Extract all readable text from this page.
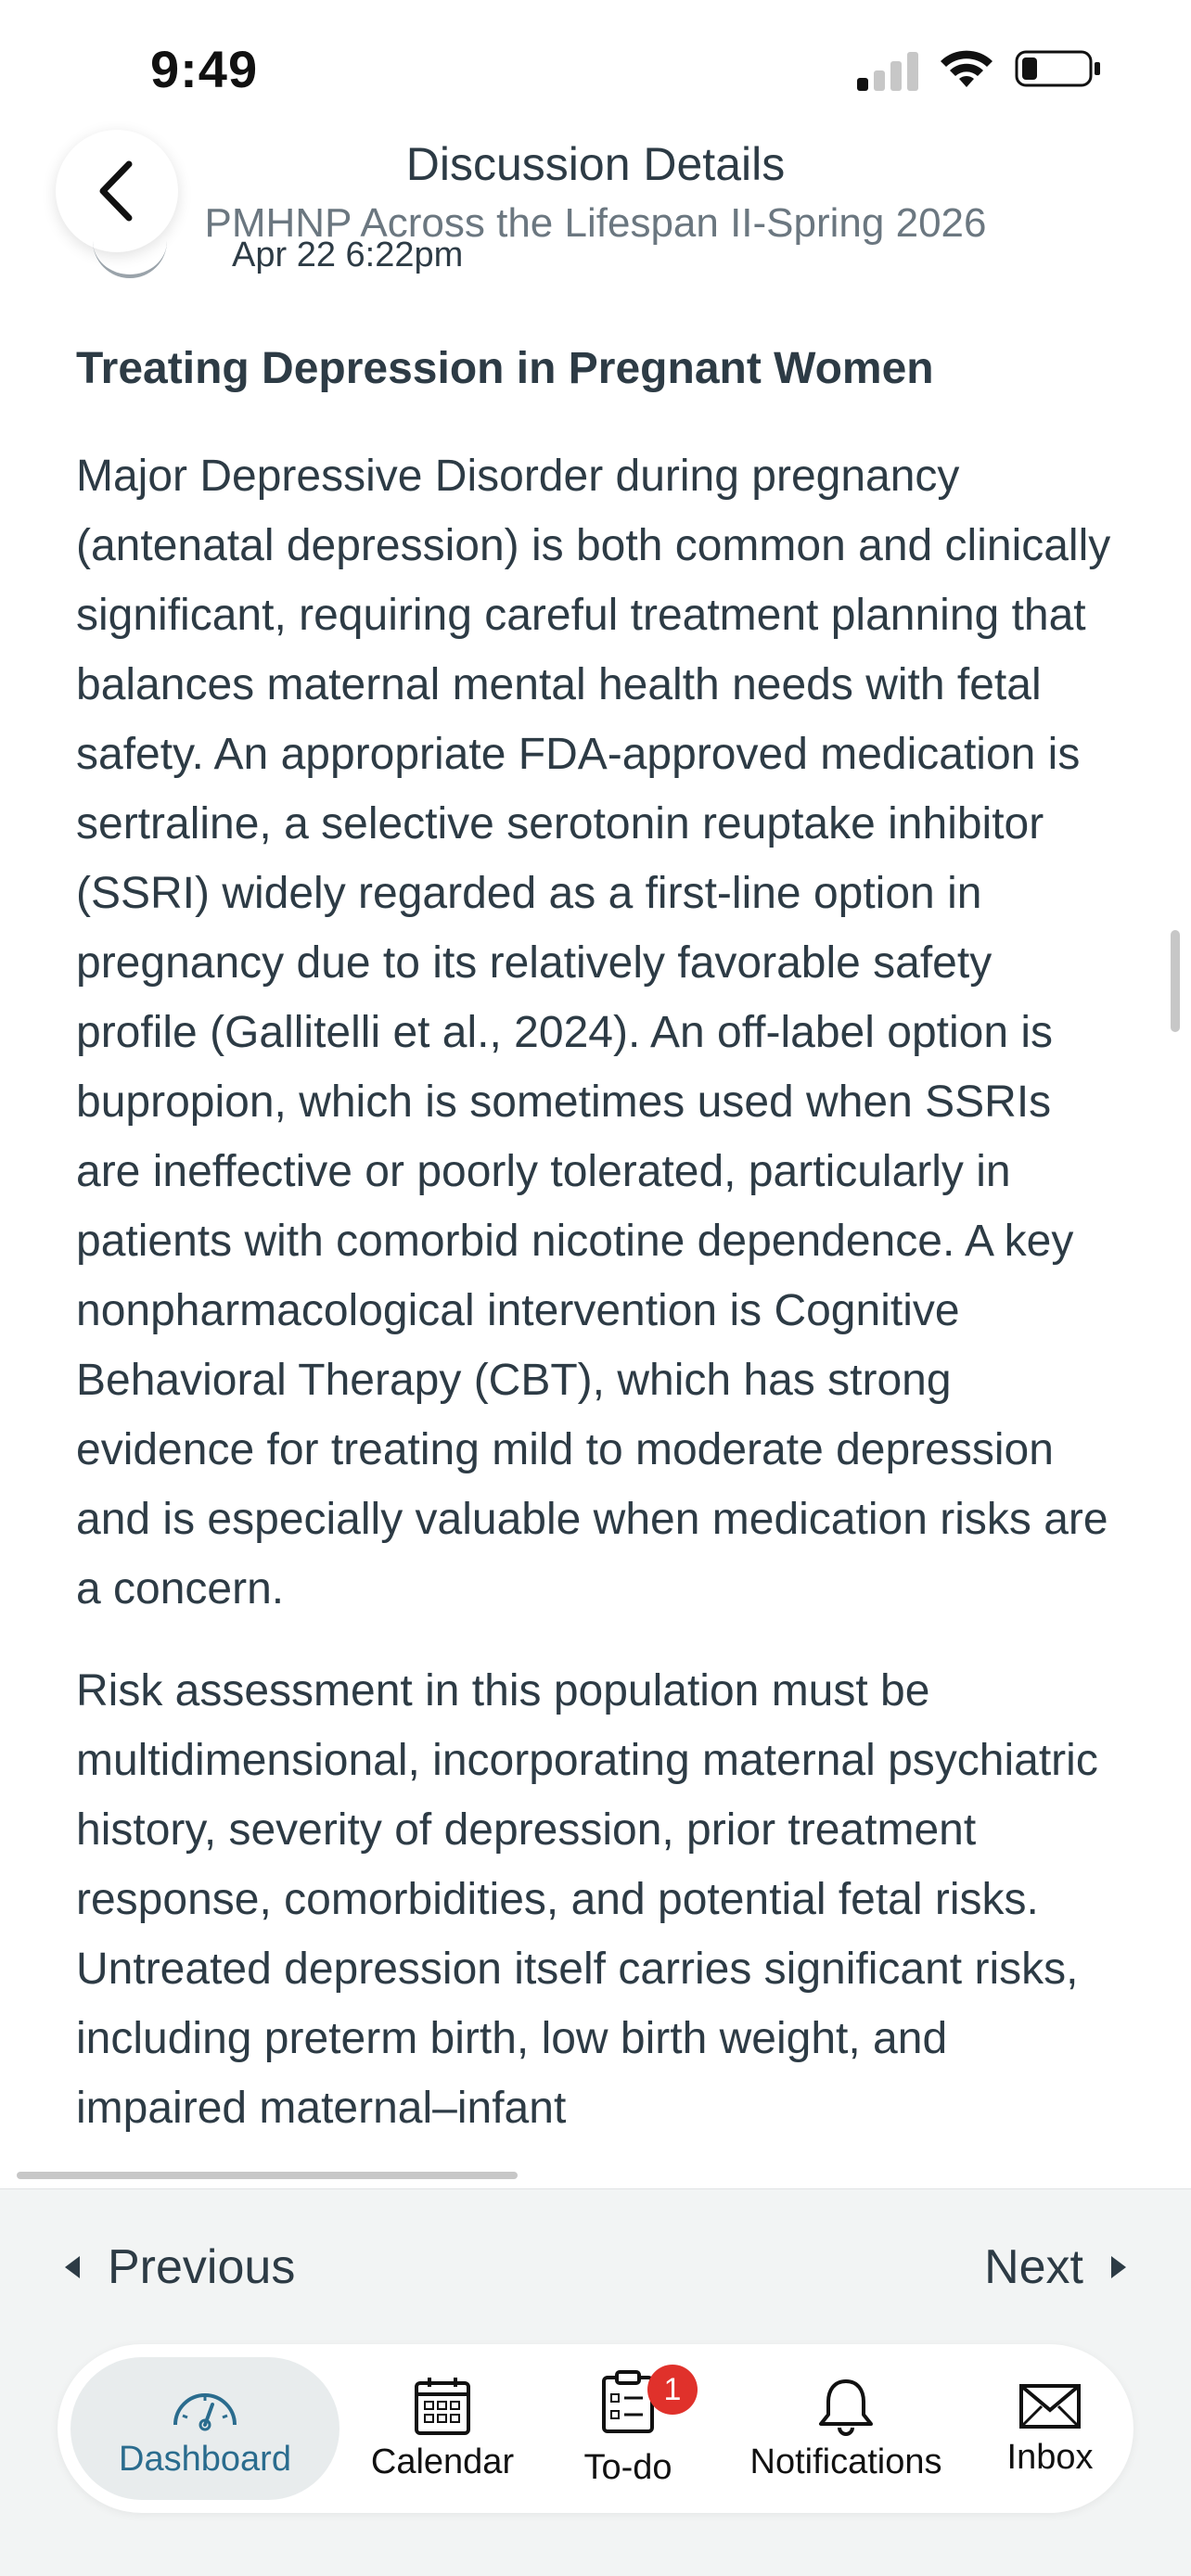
9:49
Discussion Details
PMHNP Across the Lifespan II-Spring 2026
Apr 22 6:22pm
Treating Depression in Pregnant Women

Major Depressive Disorder during pregnancy (antenatal depression) is both common and clinically significant, requiring careful treatment planning that balances maternal mental health needs with fetal safety. An appropriate FDA-approved medication is sertraline, a selective serotonin reuptake inhibitor (SSRI) widely regarded as a first-line option in pregnancy due to its relatively favorable safety profile (Gallitelli et al., 2024). An off-label option is bupropion, which is sometimes used when SSRIs are ineffective or poorly tolerated, particularly in patients with comorbid nicotine dependence. A key nonpharmacological intervention is Cognitive Behavioral Therapy (CBT), which has strong evidence for treating mild to moderate depression and is especially valuable when medication risks are a concern.

Risk assessment in this population must be multidimensional, incorporating maternal psychiatric history, severity of depression, prior treatment response, comorbidities, and potential fetal risks. Untreated depression itself carries significant risks, including preterm birth, low birth weight, and impaired maternal–infant

Previous	Next
Dashboard Calendar
1
To-do Notifications Inbox
